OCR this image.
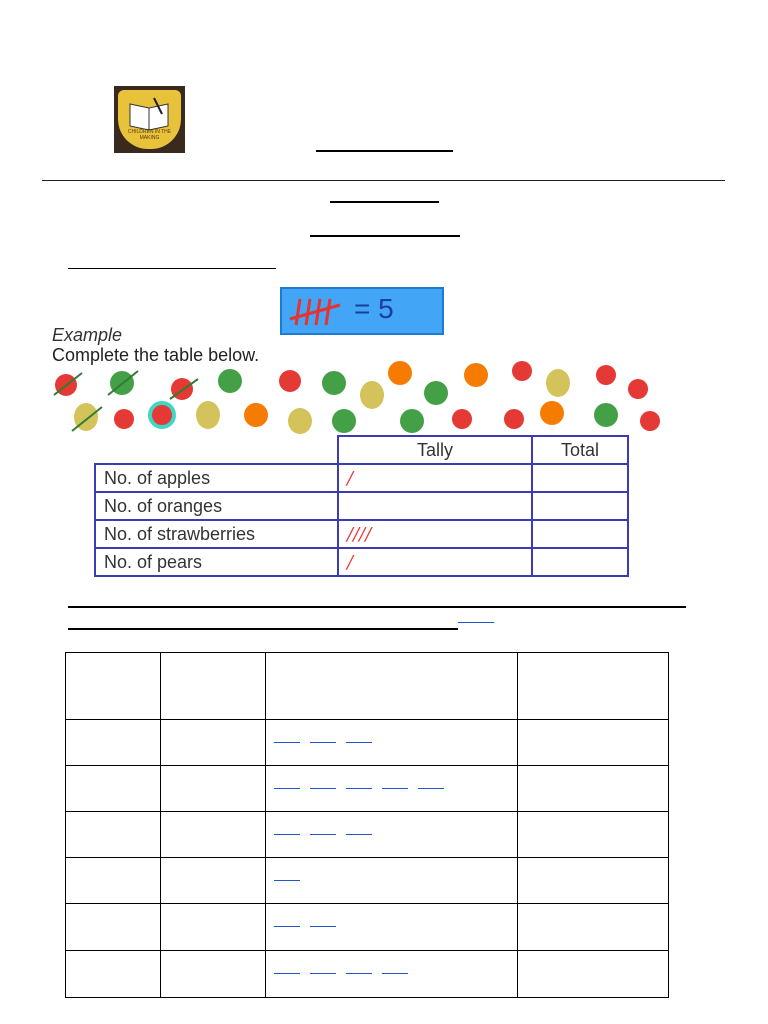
CHILDREN IN THE MAKING
= 5
Example
Complete the table below.
	Tally	Total
No. of apples	/	
No. of oranges		
No. of strawberries	////	
No. of pears	/	
